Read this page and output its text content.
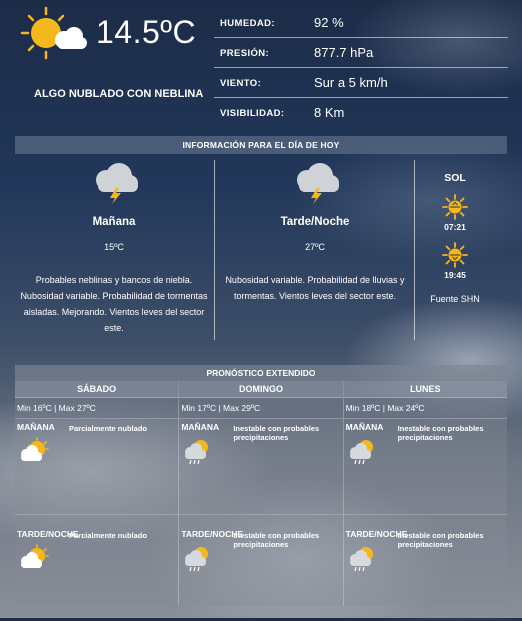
14.5ºC
ALGO NUBLADO CON NEBLINA
HUMEDAD:	92 %
PRESIÓN:	877.7 hPa
VIENTO:	Sur a 5 km/h
VISIBILIDAD: 8 Km
INFORMACIÓN PARA EL DÍA DE HOY
Mañana
15ºC
Probables neblinas y bancos de niebla. Nubosidad variable. Probabilidad de tormentas aisladas. Mejorando. Vientos leves del sector este.
Tarde/Noche
27ºC
Nubosidad variable. Probabilidad de lluvias y tormentas. Vientos leves del sector este.
SOL
07:21
19:45
Fuente SHN
PRONÓSTICO EXTENDIDO
SÁBADO
Min 16ºC | Max 27ºC
MAÑANA Parcialmente nublado
TARDE/NOCHE
Parcialmente nublado
DOMINGO
Min 17ºC | Max 29ºC
MAÑANA Inestable con probables precipitaciones
TARDE/NOCHE
Inestable con probables precipitaciones
LUNES
Min 18ºC | Max 24ºC
MAÑANA Inestable con probables precipitaciones
TARDE/NOCHE
Inestable con probables precipitaciones
